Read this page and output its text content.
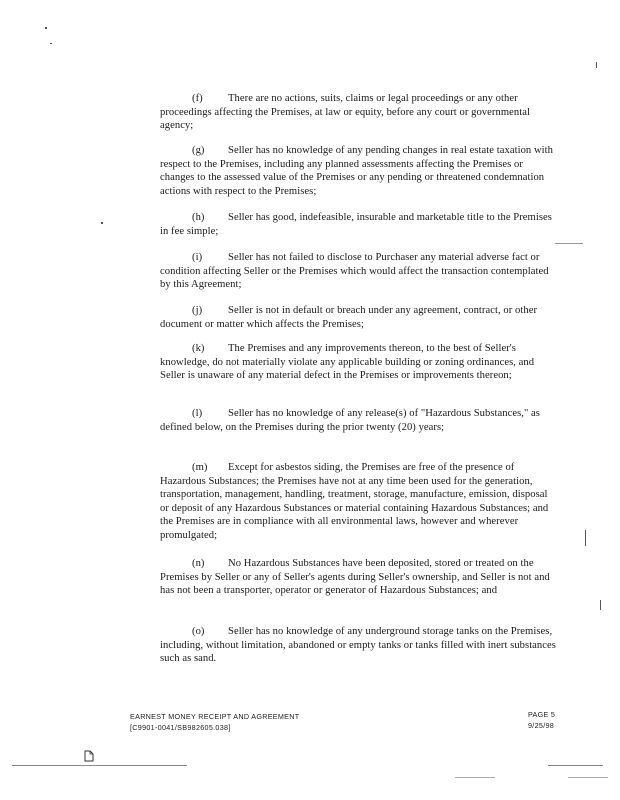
(f) There are no actions, suits, claims or legal proceedings or any other proceedings affecting the Premises, at law or equity, before any court or governmental agency;

(g) Seller has no knowledge of any pending changes in real estate taxation with respect to the Premises, including any planned assessments affecting the Premises or changes to the assessed value of the Premises or any pending or threatened condemnation actions with respect to the Premises;

(h) Seller has good, indefeasible, insurable and marketable title to the Premises in fee simple;

(i) Seller has not failed to disclose to Purchaser any material adverse fact or condition affecting Seller or the Premises which would affect the transaction contemplated by this Agreement;

(j) Seller is not in default or breach under any agreement, contract, or other document or matter which affects the Premises;

(k) The Premises and any improvements thereon, to the best of Seller's knowledge, do not materially violate any applicable building or zoning ordinances, and Seller is unaware of any material defect in the Premises or improvements thereon;

(l) Seller has no knowledge of any release(s) of "Hazardous Substances," as defined below, on the Premises during the prior twenty (20) years;

(m) Except for asbestos siding, the Premises are free of the presence of Hazardous Substances; the Premises have not at any time been used for the generation, transportation, management, handling, treatment, storage, manufacture, emission, disposal or deposit of any Hazardous Substances or material containing Hazardous Substances; and the Premises are in compliance with all environmental laws, however and wherever promulgated;

(n) No Hazardous Substances have been deposited, stored or treated on the Premises by Seller or any of Seller's agents during Seller's ownership, and Seller is not and has not been a transporter, operator or generator of Hazardous Substances; and

(o) Seller has no knowledge of any underground storage tanks on the Premises, including, without limitation, abandoned or empty tanks or tanks filled with inert substances such as sand.

EARNEST MONEY RECEIPT AND AGREEMENT
[C9901-0041/SB982605.038]
PAGE 5
9/25/98
